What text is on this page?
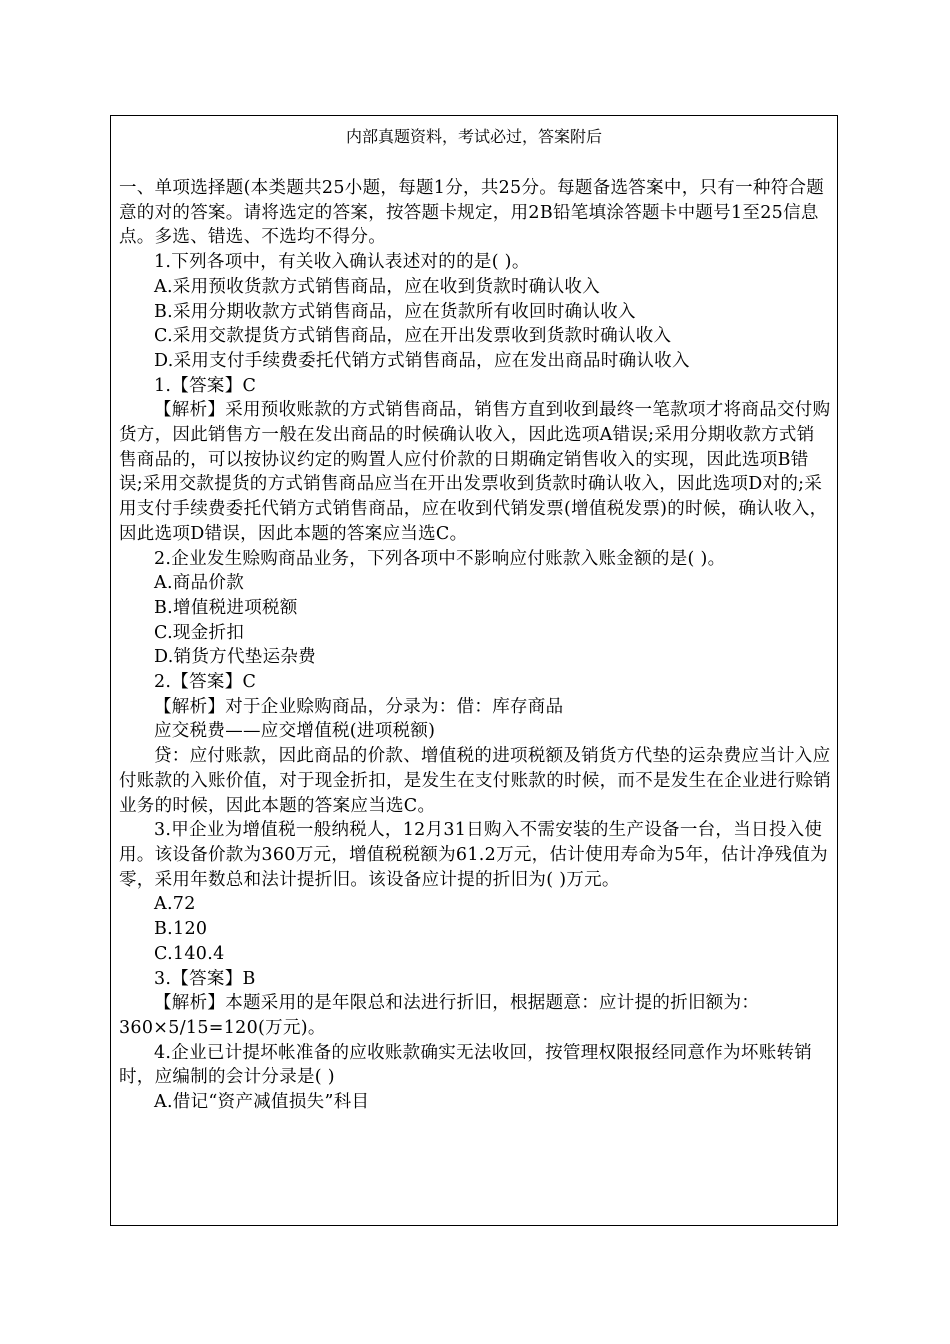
内部真题资料，考试必过，答案附后

一、单项选择题(本类题共25小题，每题1分，共25分。每题备选答案中，只有一种符合题意的对的答案。请将选定的答案，按答题卡规定，用2B铅笔填涂答题卡中题号1至25信息点。多选、错选、不选均不得分。

1.下列各项中，有关收入确认表述对的的是( )。

A.采用预收货款方式销售商品，应在收到货款时确认收入

B.采用分期收款方式销售商品，应在货款所有收回时确认收入

C.采用交款提货方式销售商品，应在开出发票收到货款时确认收入

D.采用支付手续费委托代销方式销售商品，应在发出商品时确认收入

1.【答案】C

【解析】采用预收账款的方式销售商品，销售方直到收到最终一笔款项才将商品交付购货方，因此销售方一般在发出商品的时候确认收入，因此选项A错误;采用分期收款方式销售商品的，可以按协议约定的购置人应付价款的日期确定销售收入的实现，因此选项B错误;采用交款提货的方式销售商品应当在开出发票收到货款时确认收入，因此选项D对的;采用支付手续费委托代销方式销售商品，应在收到代销发票(增值税发票)的时候，确认收入，因此选项D错误，因此本题的答案应当选C。

2.企业发生赊购商品业务，下列各项中不影响应付账款入账金额的是( )。

A.商品价款

B.增值税进项税额

C.现金折扣

D.销货方代垫运杂费

2.【答案】C

【解析】对于企业赊购商品，分录为：借：库存商品

应交税费——应交增值税(进项税额)

贷：应付账款，因此商品的价款、增值税的进项税额及销货方代垫的运杂费应当计入应付账款的入账价值，对于现金折扣，是发生在支付账款的时候，而不是发生在企业进行赊销业务的时候，因此本题的答案应当选C。

3.甲企业为增值税一般纳税人，12月31日购入不需安装的生产设备一台，当日投入使用。该设备价款为360万元，增值税税额为61.2万元，估计使用寿命为5年，估计净残值为零，采用年数总和法计提折旧。该设备应计提的折旧为( )万元。

A.72

B.120

C.140.4

3.【答案】B

【解析】本题采用的是年限总和法进行折旧，根据题意：应计提的折旧额为：360×5/15=120(万元)。

4.企业已计提坏帐准备的应收账款确实无法收回，按管理权限报经同意作为坏账转销时，应编制的会计分录是( )

A.借记“资产减值损失”科目
